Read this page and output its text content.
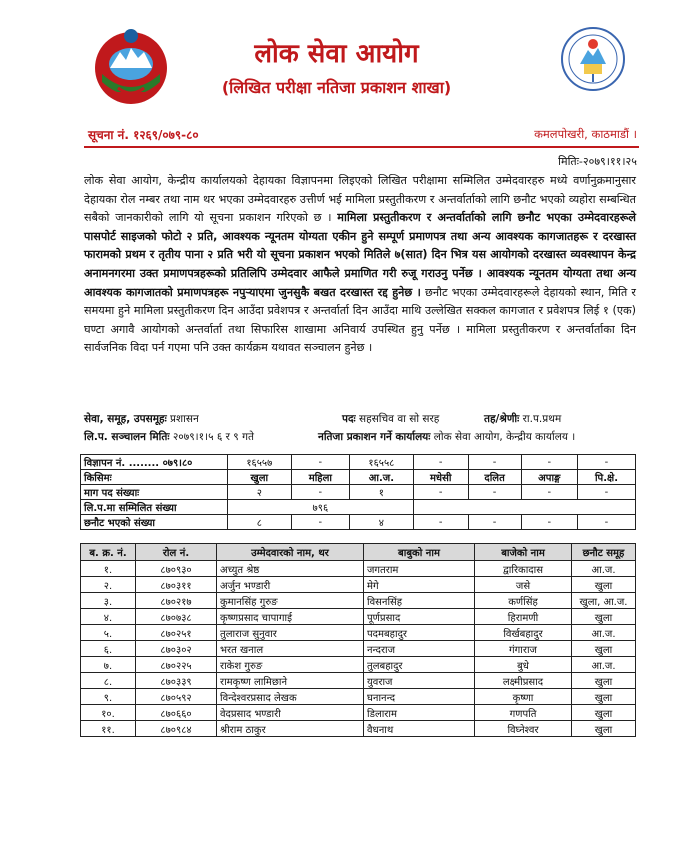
लोक सेवा आयोग
(लिखित परीक्षा नतिजा प्रकाशन शाखा)
सूचना नं. १२६९/०७९-८०	कमलपोखरी, काठमाडौं ।
मितिः-२०७९।११।२५
लोक सेवा आयोग, केन्द्रीय कार्यालयको देहायका विज्ञापनमा लिइएको लिखित परीक्षामा सम्मिलित उम्मेदवारहरु मध्ये वर्णानुक्रमानुसार देहायका रोल नम्बर तथा नाम थर भएका उम्मेदवारहरु उत्तीर्ण भई मामिला प्रस्तुतीकरण र अन्तर्वार्ताको लागि छनौट भएको व्यहोरा सम्बन्धित सबैको जानकारीको लागि यो सूचना प्रकाशन गरिएको छ । मामिला प्रस्तुतीकरण र अन्तर्वार्ताको लागि छनौट भएका उम्मेदवारहरूले पासपोर्ट साइजको फोटो २ प्रति, आवश्यक न्यूनतम योग्यता एकीन हुने सम्पूर्ण प्रमाणपत्र तथा अन्य आवश्यक कागजातहरू र दरखास्त फारामको प्रथम र तृतीय पाना २ प्रति भरी यो सूचना प्रकाशन भएको मितिले ७(सात) दिन भित्र यस आयोगको दरखास्त व्यवस्थापन केन्द्र अनामनगरमा उक्त प्रमाणपत्रहरूको प्रतिलिपि उम्मेदवार आफैले प्रमाणित गरी रुजू गराउनु पर्नेछ । आवश्यक न्यूनतम योग्यता तथा अन्य आवश्यक कागजातको प्रमाणपत्रहरू नपुऱ्याएमा जुनसुकै बखत दरखास्त रद्द हुनेछ । छनौट भएका उम्मेदवारहरूले देहायको स्थान, मिति र समयमा हुने मामिला प्रस्तुतीकरण दिन आउँदा प्रवेशपत्र र अन्तर्वार्ता दिन आउँदा माथि उल्लेखित सक्कल कागजात र प्रवेशपत्र लिई १ (एक) घण्टा अगावै आयोगको अन्तर्वार्ता तथा सिफारिस शाखामा अनिवार्य उपस्थित हुनु पर्नेछ । मामिला प्रस्तुतीकरण र अन्तर्वार्ताका दिन सार्वजनिक विदा पर्न गएमा पनि उक्त कार्यक्रम यथावत सञ्चालन हुनेछ ।
सेवा, समूह, उपसमूहः प्रशासन	पदः सहसचिव वा सो सरह	तह/श्रेणीः रा.प.प्रथम
लि.प. सञ्चालन मितिः २०७९।१।५ ६ र ९ गते	नतिजा प्रकाशन गर्ने कार्यालयः लोक सेवा आयोग, केन्द्रीय कार्यालय ।
विज्ञापन नं. ........ ०७९।८०	१६५५७	-	१६५५८	-	-	-	-
किसिमः	खुला	महिला	आ.ज.	मधेसी	दलित	अपाङ्ग	पि.क्षे.
माग पद संख्याः	२	-	१	-	-	-	-
लि.प.मा सम्मिलित संख्या	७९६						
छनौट भएको संख्या	८	-	४	-	-	-	-
ब. क्र. नं.	रोल नं.	उम्मेदवारको नाम, थर	बाबुको नाम	बाजेको नाम	छनौट समूह
१.	८७०९३०	अच्युत श्रेष्ठ	जगतराम	द्वारिकादास	आ.ज.
२.	८७०३११	अर्जुन भण्डारी	मेगे	जसे	खुला
३.	८७०२१७	कुमानसिंह गुरुङ	विसनसिंह	कर्णसिंह	खुला, आ.ज.
४.	८७०७३८	कृष्णप्रसाद चापागाई	पूर्णप्रसाद	हिरामणी	खुला
५.	८७०२५१	तुलाराज सुनुवार	पदमबहादुर	विर्खबहादुर	आ.ज.
६.	८७०३०२	भरत खनाल	नन्दराज	गंगाराज	खुला
७.	८७०२२५	राकेश गुरुङ	तुलबहादुर	बुधे	आ.ज.
८.	८७०३३९	रामकृष्ण लामिछाने	युवराज	लक्ष्मीप्रसाद	खुला
९.	८७०५९२	विन्देश्वरप्रसाद लेखक	घनानन्द	कृष्णा	खुला
१०.	८७०६६०	वेदप्रसाद भण्डारी	डिलाराम	गणपति	खुला
११.	८७०९८४	श्रीराम ठाकुर	वैधनाथ	विघ्नेश्वर	खुला
